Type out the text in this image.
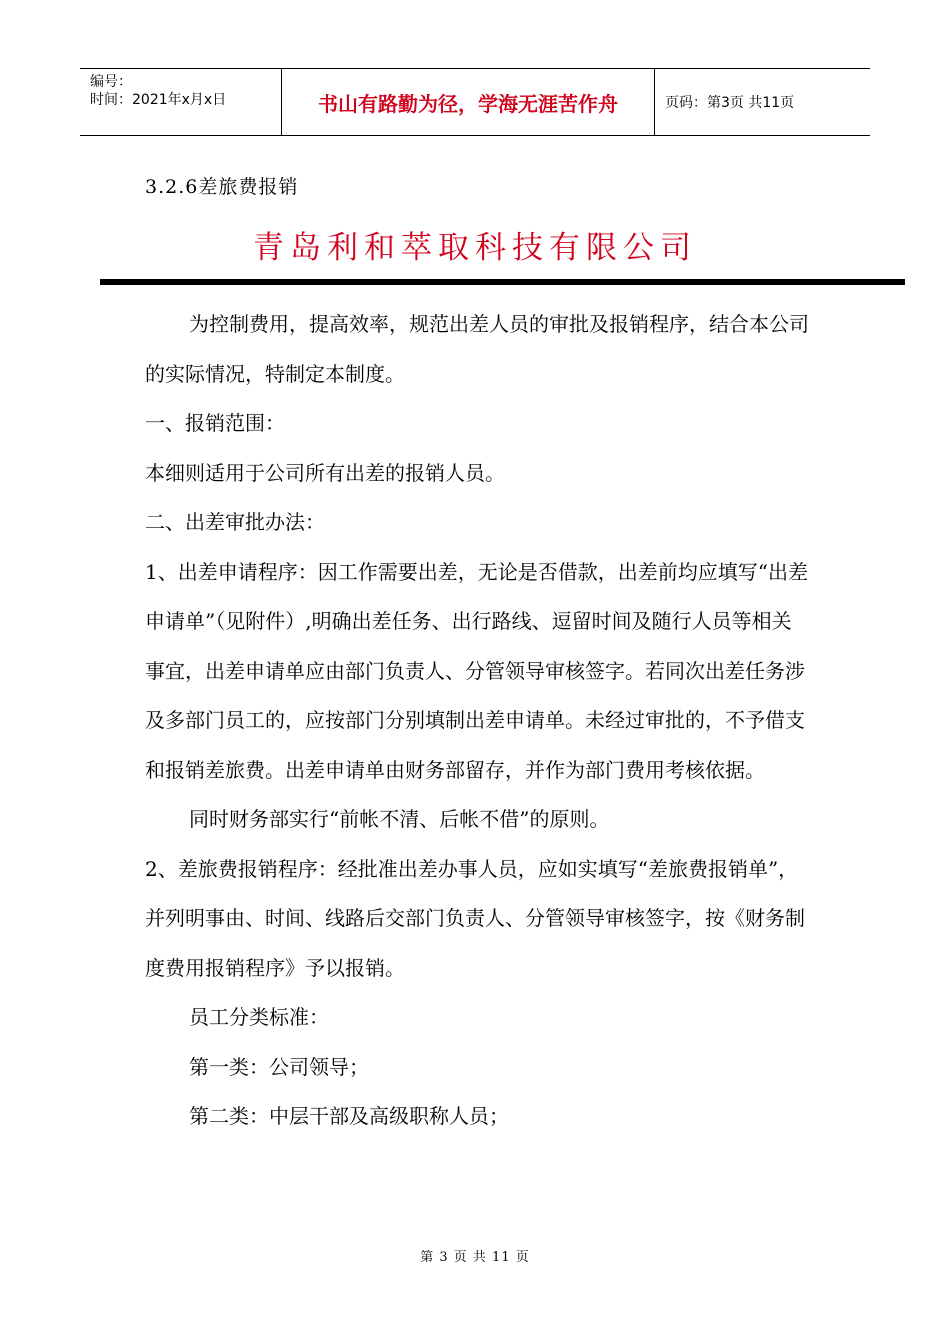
编号：
时间：2021年x月x日	书山有路勤为径，学海无涯苦作舟	页码：第3页 共11页
3.2.6差旅费报销
青岛利和萃取科技有限公司

为控制费用，提高效率，规范出差人员的审批及报销程序，结合本公司的实际情况，特制定本制度。

一、报销范围：

本细则适用于公司所有出差的报销人员。

二、出差审批办法：

1、出差申请程序：因工作需要出差，无论是否借款，出差前均应填写“出差申请单”（见附件）,明确出差任务、出行路线、逗留时间及随行人员等相关事宜，出差申请单应由部门负责人、分管领导审核签字。若同次出差任务涉及多部门员工的，应按部门分别填制出差申请单。未经过审批的，不予借支和报销差旅费。出差申请单由财务部留存，并作为部门费用考核依据。

同时财务部实行“前帐不清、后帐不借”的原则。

2、差旅费报销程序：经批准出差办事人员，应如实填写“差旅费报销单”，并列明事由、时间、线路后交部门负责人、分管领导审核签字，按《财务制度费用报销程序》予以报销。

员工分类标准：

第一类：公司领导；

第二类：中层干部及高级职称人员；

第 3 页 共 11 页
